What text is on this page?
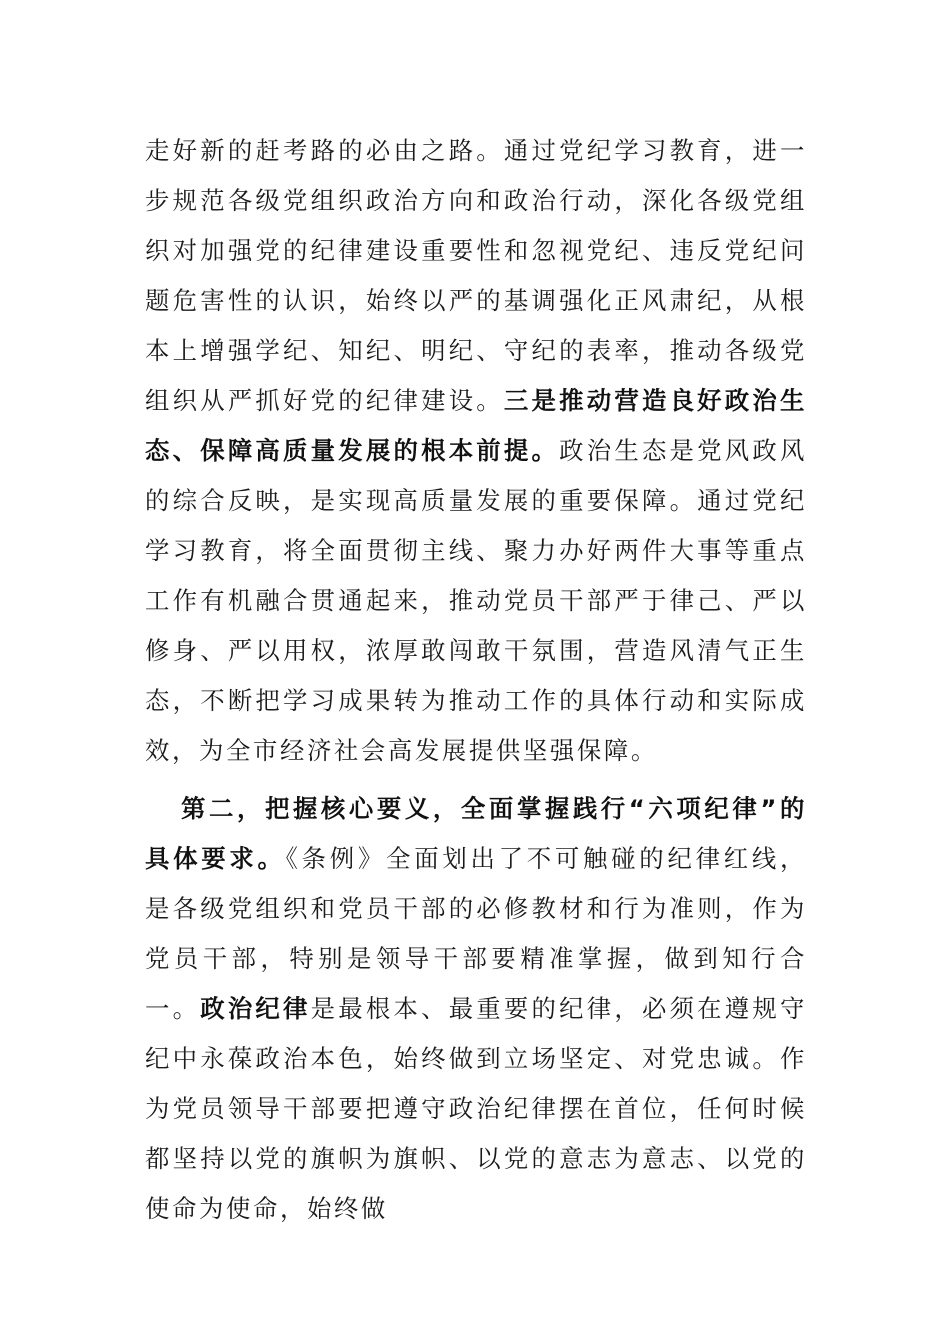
走好新的赶考路的必由之路。通过党纪学习教育，进一步规范各级党组织政治方向和政治行动，深化各级党组织对加强党的纪律建设重要性和忽视党纪、违反党纪问题危害性的认识，始终以严的基调强化正风肃纪，从根本上增强学纪、知纪、明纪、守纪的表率，推动各级党组织从严抓好党的纪律建设。三是推动营造良好政治生态、保障高质量发展的根本前提。政治生态是党风政风的综合反映，是实现高质量发展的重要保障。通过党纪学习教育，将全面贯彻主线、聚力办好两件大事等重点工作有机融合贯通起来，推动党员干部严于律己、严以修身、严以用权，浓厚敢闯敢干氛围，营造风清气正生态，不断把学习成果转为推动工作的具体行动和实际成效，为全市经济社会高发展提供坚强保障。

第二，把握核心要义，全面掌握践行“六项纪律”的具体要求。《条例》全面划出了不可触碰的纪律红线，是各级党组织和党员干部的必修教材和行为准则，作为党员干部，特别是领导干部要精准掌握，做到知行合一。政治纪律是最根本、最重要的纪律，必须在遵规守纪中永葆政治本色，始终做到立场坚定、对党忠诚。作为党员领导干部要把遵守政治纪律摆在首位，任何时候都坚持以党的旗帜为旗帜、以党的意志为意志、以党的使命为使命，始终做
